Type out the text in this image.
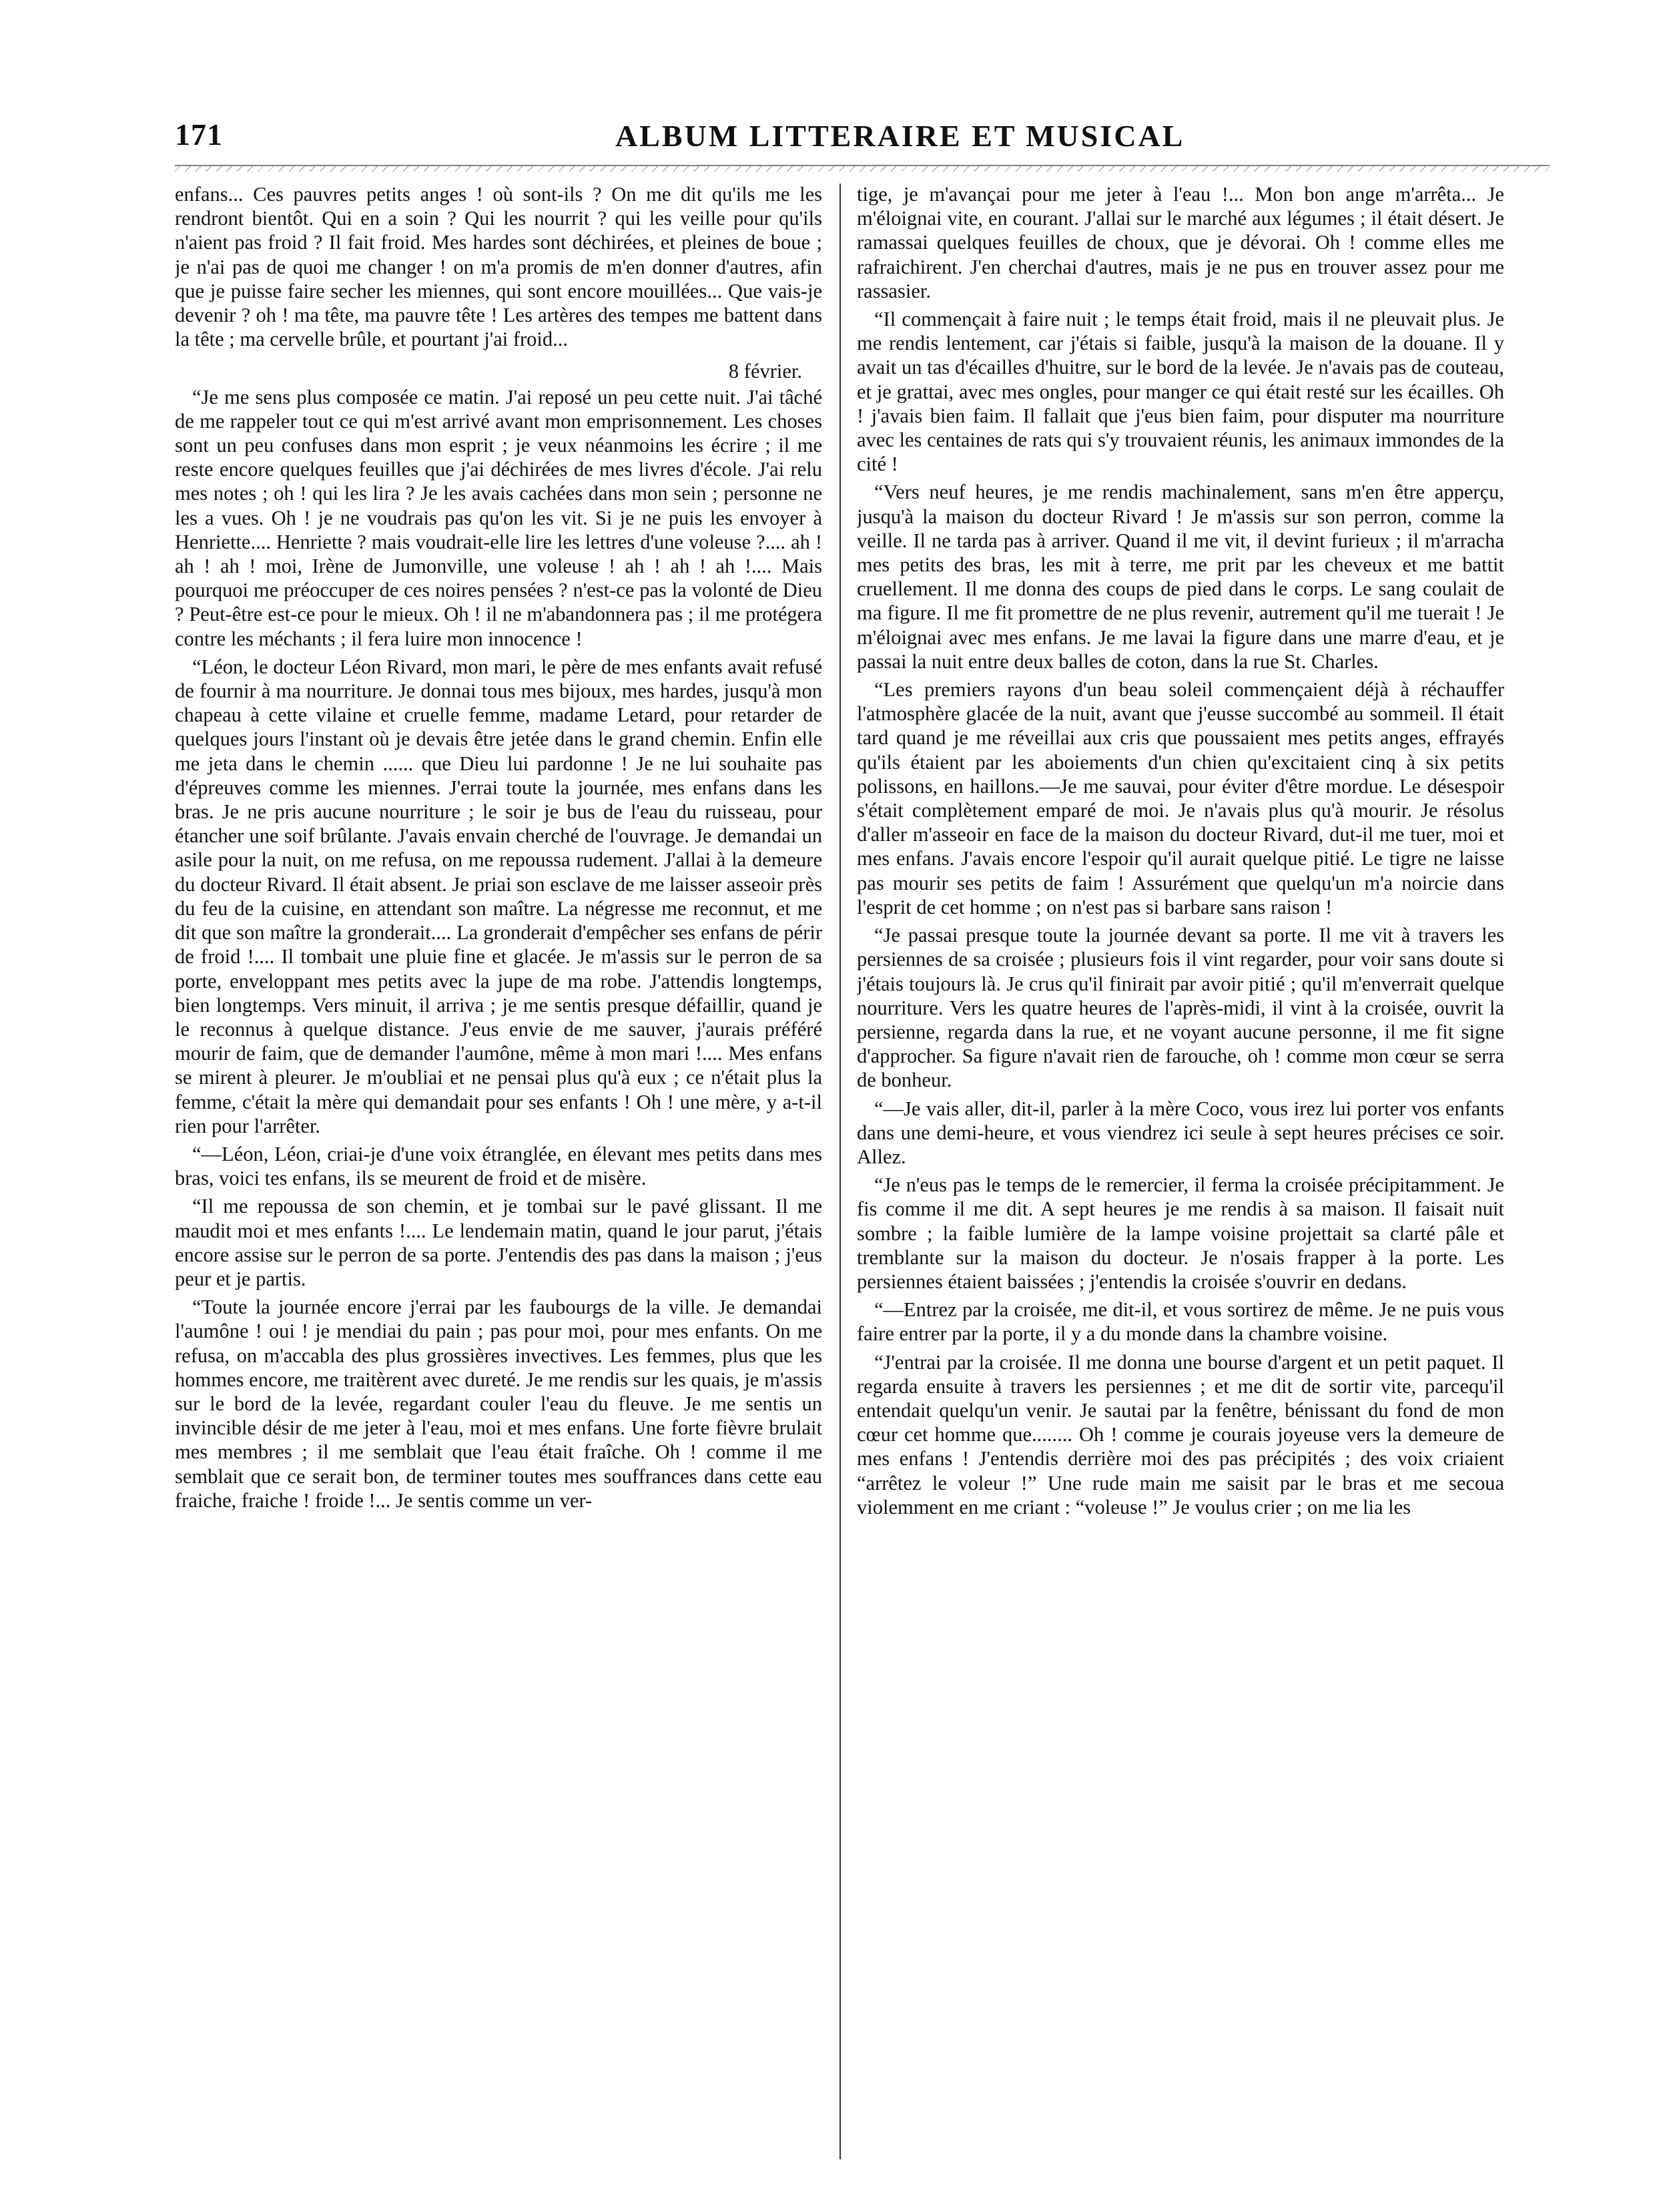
171	ALBUM LITTERAIRE ET MUSICAL

enfans... Ces pauvres petits anges ! où sont-ils ? On me dit qu'ils me les rendront bientôt. Qui en a soin ? Qui les nourrit ? qui les veille pour qu'ils n'aient pas froid ? Il fait froid. Mes hardes sont déchirées, et pleines de boue ; je n'ai pas de quoi me changer ! on m'a promis de m'en donner d'autres, afin que je puisse faire secher les miennes, qui sont encore mouillées... Que vais-je devenir ? oh ! ma tête, ma pauvre tête ! Les artères des tempes me battent dans la tête ; ma cervelle brûle, et pourtant j'ai froid...

8 février.

“Je me sens plus composée ce matin. J'ai reposé un peu cette nuit. J'ai tâché de me rappeler tout ce qui m'est arrivé avant mon emprisonnement. Les choses sont un peu confuses dans mon esprit ; je veux néanmoins les écrire ; il me reste encore quelques feuilles que j'ai déchirées de mes livres d'école. J'ai relu mes notes ; oh ! qui les lira ? Je les avais cachées dans mon sein ; personne ne les a vues. Oh ! je ne voudrais pas qu'on les vit. Si je ne puis les envoyer à Henriette.... Henriette ? mais voudrait-elle lire les lettres d'une voleuse ?.... ah ! ah ! ah ! moi, Irène de Jumonville, une voleuse ! ah ! ah ! ah !.... Mais pourquoi me préoccuper de ces noires pensées ? n'est-ce pas la volonté de Dieu ? Peut-être est-ce pour le mieux. Oh ! il ne m'abandonnera pas ; il me protégera contre les méchants ; il fera luire mon innocence !

“Léon, le docteur Léon Rivard, mon mari, le père de mes enfants avait refusé de fournir à ma nourriture. Je donnai tous mes bijoux, mes hardes, jusqu'à mon chapeau à cette vilaine et cruelle femme, madame Letard, pour retarder de quelques jours l'instant où je devais être jetée dans le grand chemin. Enfin elle me jeta dans le chemin ...... que Dieu lui pardonne ! Je ne lui souhaite pas d'épreuves comme les miennes. J'errai toute la journée, mes enfans dans les bras. Je ne pris aucune nourriture ; le soir je bus de l'eau du ruisseau, pour étancher une soif brûlante. J'avais envain cherché de l'ouvrage. Je demandai un asile pour la nuit, on me refusa, on me repoussa rudement. J'allai à la demeure du docteur Rivard. Il était absent. Je priai son esclave de me laisser asseoir près du feu de la cuisine, en attendant son maître. La négresse me reconnut, et me dit que son maître la gronderait.... La gronderait d'empêcher ses enfans de périr de froid !.... Il tombait une pluie fine et glacée. Je m'assis sur le perron de sa porte, enveloppant mes petits avec la jupe de ma robe. J'attendis longtemps, bien longtemps. Vers minuit, il arriva ; je me sentis presque défaillir, quand je le reconnus à quelque distance. J'eus envie de me sauver, j'aurais préféré mourir de faim, que de demander l'aumône, même à mon mari !.... Mes enfans se mirent à pleurer. Je m'oubliai et ne pensai plus qu'à eux ; ce n'était plus la femme, c'était la mère qui demandait pour ses enfants ! Oh ! une mère, y a-t-il rien pour l'arrêter.

“—Léon, Léon, criai-je d'une voix étranglée, en élevant mes petits dans mes bras, voici tes enfans, ils se meurent de froid et de misère.

“Il me repoussa de son chemin, et je tombai sur le pavé glissant. Il me maudit moi et mes enfants !.... Le lendemain matin, quand le jour parut, j'étais encore assise sur le perron de sa porte. J'entendis des pas dans la maison ; j'eus peur et je partis.

“Toute la journée encore j'errai par les faubourgs de la ville. Je demandai l'aumône ! oui ! je mendiai du pain ; pas pour moi, pour mes enfants. On me refusa, on m'accabla des plus grossières invectives. Les femmes, plus que les hommes encore, me traitèrent avec dureté. Je me rendis sur les quais, je m'assis sur le bord de la levée, regardant couler l'eau du fleuve. Je me sentis un invincible désir de me jeter à l'eau, moi et mes enfans. Une forte fièvre brulait mes membres ; il me semblait que l'eau était fraîche. Oh ! comme il me semblait que ce serait bon, de terminer toutes mes souffrances dans cette eau fraiche, fraiche ! froide !... Je sentis comme un ver-

tige, je m'avançai pour me jeter à l'eau !... Mon bon ange m'arrêta... Je m'éloignai vite, en courant. J'allai sur le marché aux légumes ; il était désert. Je ramassai quelques feuilles de choux, que je dévorai. Oh ! comme elles me rafraichirent. J'en cherchai d'autres, mais je ne pus en trouver assez pour me rassasier.

“Il commençait à faire nuit ; le temps était froid, mais il ne pleuvait plus. Je me rendis lentement, car j'étais si faible, jusqu'à la maison de la douane. Il y avait un tas d'écailles d'huitre, sur le bord de la levée. Je n'avais pas de couteau, et je grattai, avec mes ongles, pour manger ce qui était resté sur les écailles. Oh ! j'avais bien faim. Il fallait que j'eus bien faim, pour disputer ma nourriture avec les centaines de rats qui s'y trouvaient réunis, les animaux immondes de la cité !

“Vers neuf heures, je me rendis machinalement, sans m'en être apperçu, jusqu'à la maison du docteur Rivard ! Je m'assis sur son perron, comme la veille. Il ne tarda pas à arriver. Quand il me vit, il devint furieux ; il m'arracha mes petits des bras, les mit à terre, me prit par les cheveux et me battit cruellement. Il me donna des coups de pied dans le corps. Le sang coulait de ma figure. Il me fit promettre de ne plus revenir, autrement qu'il me tuerait ! Je m'éloignai avec mes enfans. Je me lavai la figure dans une marre d'eau, et je passai la nuit entre deux balles de coton, dans la rue St. Charles.

“Les premiers rayons d'un beau soleil commençaient déjà à réchauffer l'atmosphère glacée de la nuit, avant que j'eusse succombé au sommeil. Il était tard quand je me réveillai aux cris que poussaient mes petits anges, effrayés qu'ils étaient par les aboiements d'un chien qu'excitaient cinq à six petits polissons, en haillons.—Je me sauvai, pour éviter d'être mordue. Le désespoir s'était complètement emparé de moi. Je n'avais plus qu'à mourir. Je résolus d'aller m'asseoir en face de la maison du docteur Rivard, dut-il me tuer, moi et mes enfans. J'avais encore l'espoir qu'il aurait quelque pitié. Le tigre ne laisse pas mourir ses petits de faim ! Assurément que quelqu'un m'a noircie dans l'esprit de cet homme ; on n'est pas si barbare sans raison !

“Je passai presque toute la journée devant sa porte. Il me vit à travers les persiennes de sa croisée ; plusieurs fois il vint regarder, pour voir sans doute si j'étais toujours là. Je crus qu'il finirait par avoir pitié ; qu'il m'enverrait quelque nourriture. Vers les quatre heures de l'après-midi, il vint à la croisée, ouvrit la persienne, regarda dans la rue, et ne voyant aucune personne, il me fit signe d'approcher. Sa figure n'avait rien de farouche, oh ! comme mon cœur se serra de bonheur.

“—Je vais aller, dit-il, parler à la mère Coco, vous irez lui porter vos enfants dans une demi-heure, et vous viendrez ici seule à sept heures précises ce soir. Allez.

“Je n'eus pas le temps de le remercier, il ferma la croisée précipitamment. Je fis comme il me dit. A sept heures je me rendis à sa maison. Il faisait nuit sombre ; la faible lumière de la lampe voisine projettait sa clarté pâle et tremblante sur la maison du docteur. Je n'osais frapper à la porte. Les persiennes étaient baissées ; j'entendis la croisée s'ouvrir en dedans.

“—Entrez par la croisée, me dit-il, et vous sortirez de même. Je ne puis vous faire entrer par la porte, il y a du monde dans la chambre voisine.

“J'entrai par la croisée. Il me donna une bourse d'argent et un petit paquet. Il regarda ensuite à travers les persiennes ; et me dit de sortir vite, parcequ'il entendait quelqu'un venir. Je sautai par la fenêtre, bénissant du fond de mon cœur cet homme que........ Oh ! comme je courais joyeuse vers la demeure de mes enfans ! J'entendis derrière moi des pas précipités ; des voix criaient “arrêtez le voleur !” Une rude main me saisit par le bras et me secoua violemment en me criant : “voleuse !” Je voulus crier ; on me lia les
